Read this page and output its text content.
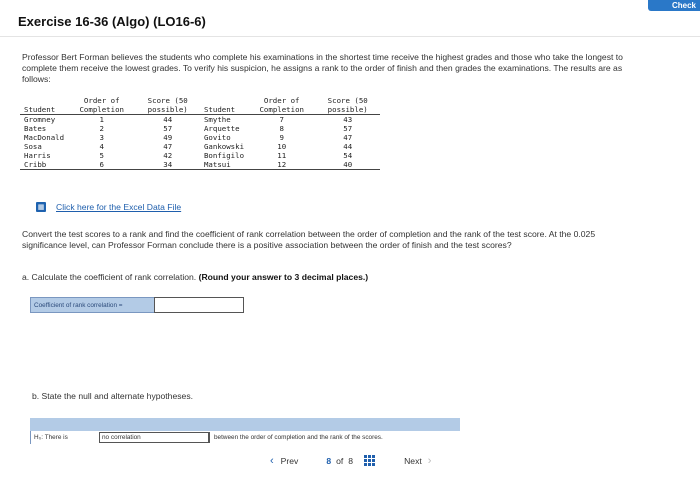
Check
Exercise 16-36 (Algo) (LO16-6)
Professor Bert Forman believes the students who complete his examinations in the shortest time receive the highest grades and those who take the longest to complete them receive the lowest grades. To verify his suspicion, he assigns a rank to the order of finish and then grades the examinations. The results are as follows:
Student	Order of Completion	Score (50 possible)	Student	Order of Completion	Score (50 possible)
Gromney	1	44	Smythe	7	43
Bates	2	57	Arquette	8	57
MacDonald	3	49	Govito	9	47
Sosa	4	47	Gankowski	10	44
Harris	5	42	Bonfigilo	11	54
Cribb	6	34	Matsui	12	40
▦ Click here for the Excel Data File
Convert the test scores to a rank and find the coefficient of rank correlation between the order of completion and the rank of the test score. At the 0.025 significance level, can Professor Forman conclude there is a positive association between the order of finish and the test scores?
a. Calculate the coefficient of rank correlation. (Round your answer to 3 decimal places.)
Coefficient of rank correlation =
b. State the null and alternate hypotheses.
H₀: There is	no correlation	between the order of completion and the rank of the scores.
‹ Prev	8 of 8	Next ›
